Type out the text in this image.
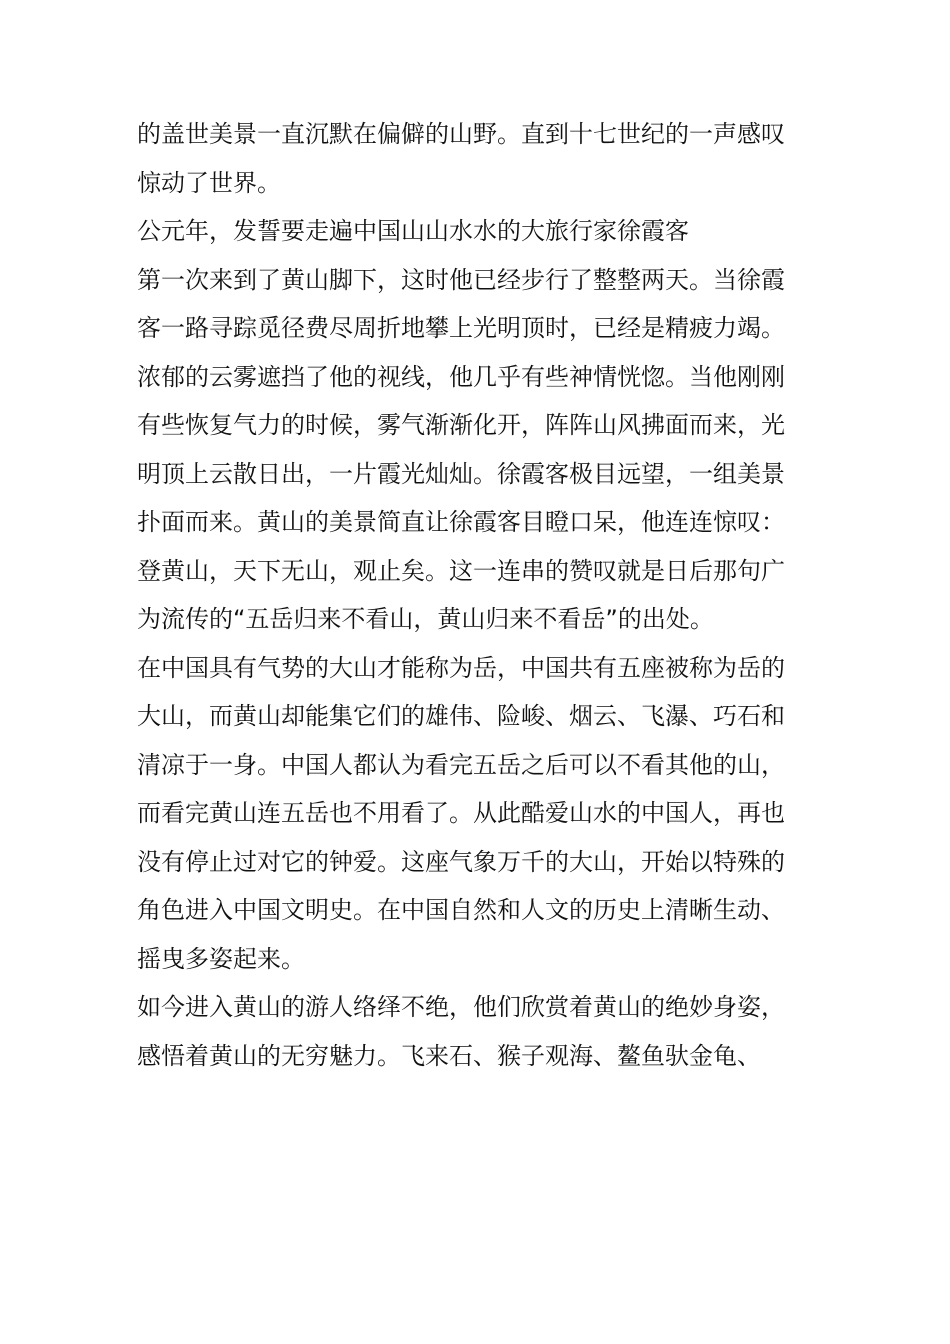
的盖世美景一直沉默在偏僻的山野。直到十七世纪的一声感叹
惊动了世界。
公元年，发誓要走遍中国山山水水的大旅行家徐霞客
第一次来到了黄山脚下，这时他已经步行了整整两天。当徐霞
客一路寻踪觅径费尽周折地攀上光明顶时，已经是精疲力竭。
浓郁的云雾遮挡了他的视线，他几乎有些神情恍惚。当他刚刚
有些恢复气力的时候，雾气渐渐化开，阵阵山风拂面而来，光
明顶上云散日出，一片霞光灿灿。徐霞客极目远望，一组美景
扑面而来。黄山的美景简直让徐霞客目瞪口呆，他连连惊叹：
登黄山，天下无山，观止矣。这一连串的赞叹就是日后那句广
为流传的“五岳归来不看山，黄山归来不看岳”的出处。
在中国具有气势的大山才能称为岳，中国共有五座被称为岳的
大山，而黄山却能集它们的雄伟、险峻、烟云、飞瀑、巧石和
清凉于一身。中国人都认为看完五岳之后可以不看其他的山，
而看完黄山连五岳也不用看了。从此酷爱山水的中国人，再也
没有停止过对它的钟爱。这座气象万千的大山，开始以特殊的
角色进入中国文明史。在中国自然和人文的历史上清晰生动、
摇曳多姿起来。
如今进入黄山的游人络绎不绝，他们欣赏着黄山的绝妙身姿，
感悟着黄山的无穷魅力。飞来石、猴子观海、鳌鱼驮金龟、
